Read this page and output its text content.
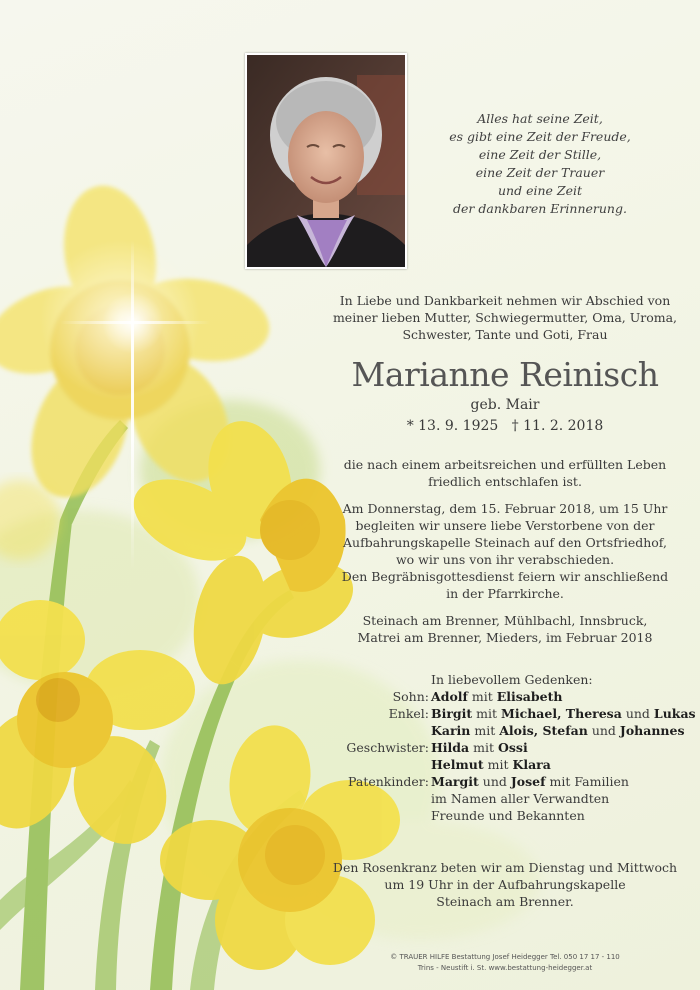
Alles hat seine Zeit,
es gibt eine Zeit der Freude,
eine Zeit der Stille,
eine Zeit der Trauer
und eine Zeit
der dankbaren Erinnerung.
In Liebe und Dankbarkeit nehmen wir Abschied von
meiner lieben Mutter, Schwiegermutter, Oma, Uroma,
Schwester, Tante und Goti, Frau
Marianne Reinisch
geb. Mair
* 13. 9. 1925 † 11. 2. 2018
die nach einem arbeitsreichen und erfüllten Leben
friedlich entschlafen ist.
Am Donnerstag, dem 15. Februar 2018, um 15 Uhr
begleiten wir unsere liebe Verstorbene von der
Aufbahrungskapelle Steinach auf den Ortsfriedhof,
wo wir uns von ihr verabschieden.
Den Begräbnisgottesdienst feiern wir anschließend
in der Pfarrkirche.
Steinach am Brenner, Mühlbachl, Innsbruck,
Matrei am Brenner, Mieders, im Februar 2018
In liebevollem Gedenken:
Sohn: Adolf mit Elisabeth
Enkel: Birgit mit Michael, Theresa und Lukas
Karin mit Alois, Stefan und Johannes
Geschwister: Hilda mit Ossi
Helmut mit Klara
Patenkinder: Margit und Josef mit Familien
im Namen aller Verwandten
Freunde und Bekannten
Den Rosenkranz beten wir am Dienstag und Mittwoch
um 19 Uhr in der Aufbahrungskapelle
Steinach am Brenner.
© TRAUER HILFE Bestattung Josef Heidegger Tel. 050 17 17 - 110
Trins - Neustift i. St. www.bestattung-heidegger.at
